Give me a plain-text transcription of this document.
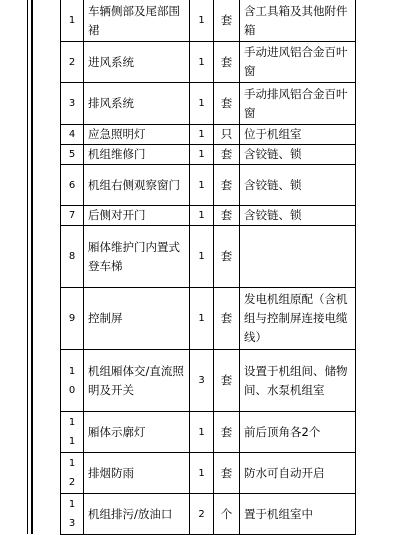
1	车辆侧部及尾部围裙	1	套	含工具箱及其他附件箱
2	进风系统	1	套	手动进风铝合金百叶窗
3	排风系统	1	套	手动排风铝合金百叶窗
4	应急照明灯	1	只	位于机组室
5	机组维修门	1	套	含铰链、锁
6	机组右侧观察窗门	1	套	含铰链、锁
7	后侧对开门	1	套	含铰链、锁
8	厢体维护门内置式登车梯	1	套	
9	控制屏	1	套	发电机组原配（含机组与控制屏连接电缆线）

10	机组厢体交/直流照明及开关	3	套	设置于机组间、储物间、水泵机组室

11	厢体示廓灯	1	套	前后顶角各2个

12	排烟防雨	1	套	防水可自动开启

13	机组排污/放油口	2	个	置于机组室中
